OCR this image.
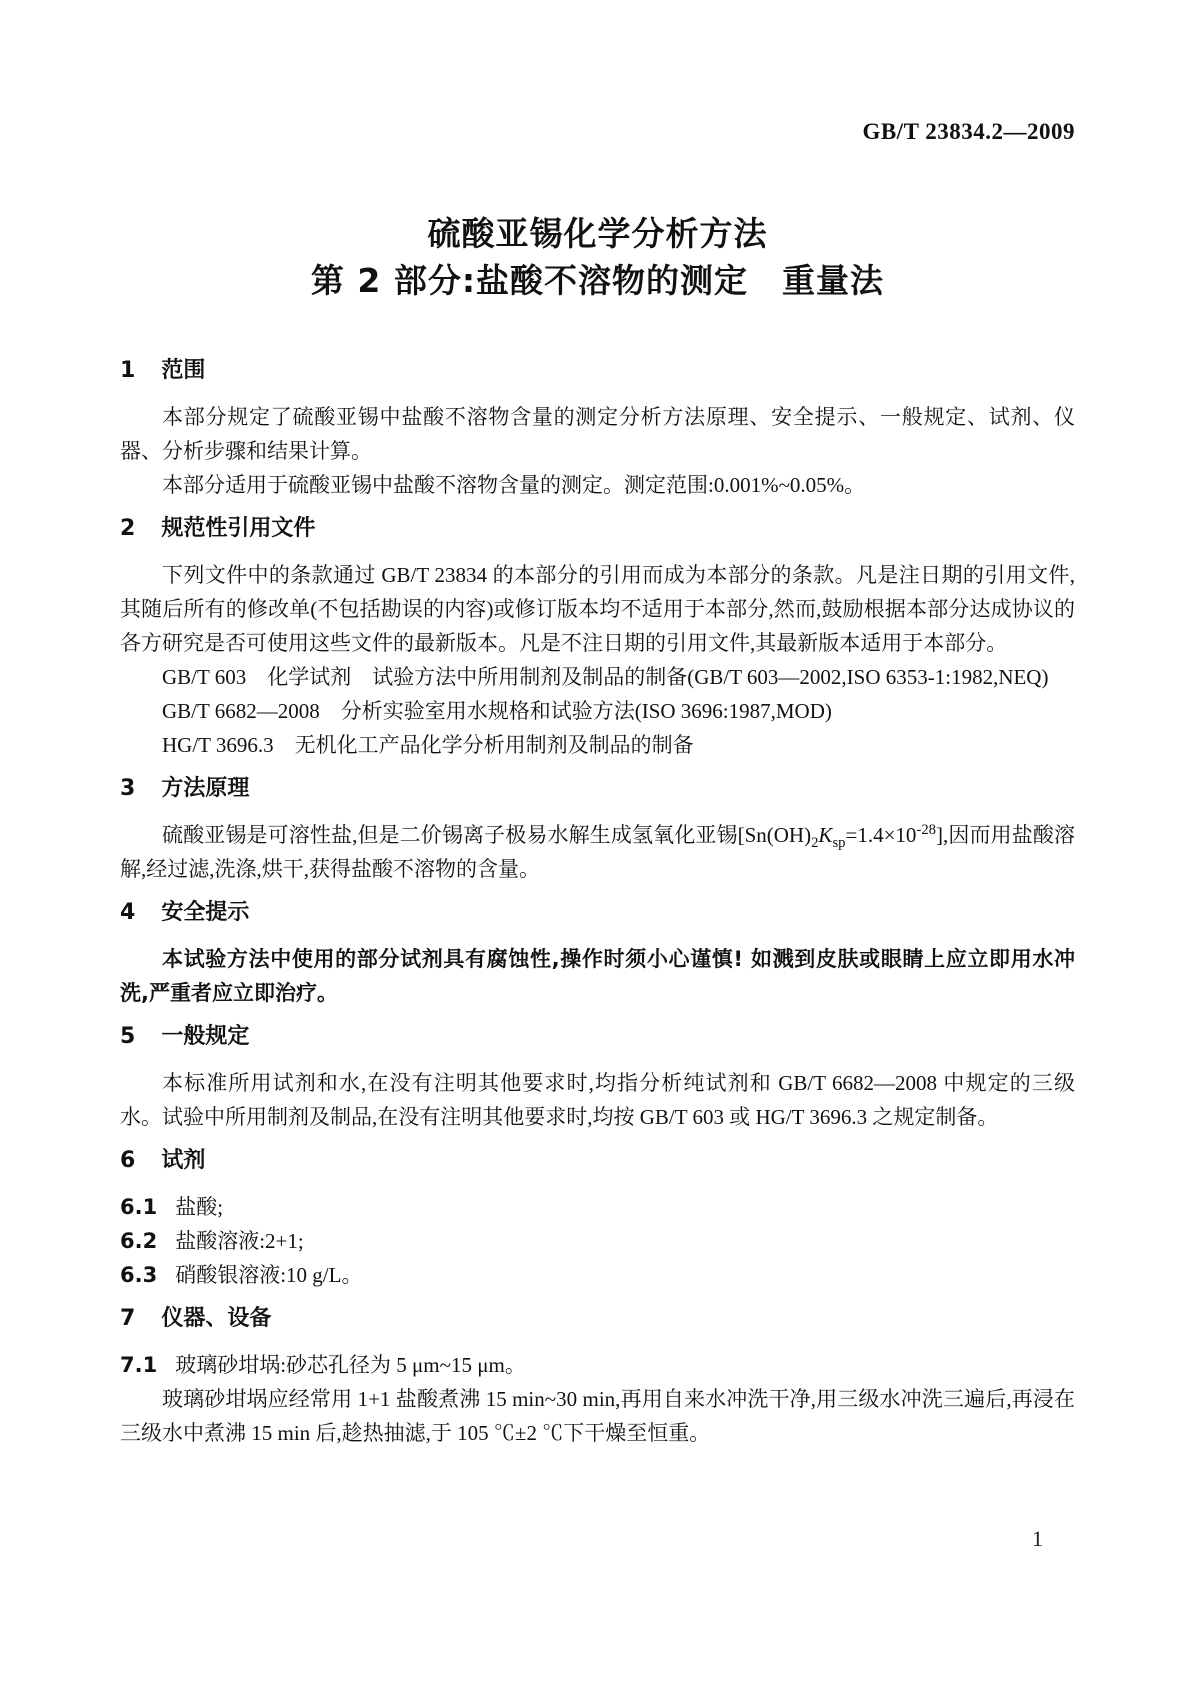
GB/T 23834.2—2009
硫酸亚锡化学分析方法
第 2 部分:盐酸不溶物的测定　重量法
1 范围

本部分规定了硫酸亚锡中盐酸不溶物含量的测定分析方法原理、安全提示、一般规定、试剂、仪器、分析步骤和结果计算。

本部分适用于硫酸亚锡中盐酸不溶物含量的测定。测定范围:0.001%~0.05%。

2 规范性引用文件

下列文件中的条款通过 GB/T 23834 的本部分的引用而成为本部分的条款。凡是注日期的引用文件,其随后所有的修改单(不包括勘误的内容)或修订版本均不适用于本部分,然而,鼓励根据本部分达成协议的各方研究是否可使用这些文件的最新版本。凡是不注日期的引用文件,其最新版本适用于本部分。

GB/T 603　化学试剂　试验方法中所用制剂及制品的制备(GB/T 603—2002,ISO 6353-1:1982,NEQ)

GB/T 6682—2008　分析实验室用水规格和试验方法(ISO 3696:1987,MOD)

HG/T 3696.3　无机化工产品化学分析用制剂及制品的制备

3 方法原理

硫酸亚锡是可溶性盐,但是二价锡离子极易水解生成氢氧化亚锡$[Sn(OH)_2K_{sp}=1.4\times 10^{-28}]$,因而用盐酸溶解,经过滤,洗涤,烘干,获得盐酸不溶物的含量。

4 安全提示

本试验方法中使用的部分试剂具有腐蚀性,操作时须小心谨慎! 如溅到皮肤或眼睛上应立即用水冲洗,严重者应立即治疗。

5 一般规定

本标准所用试剂和水,在没有注明其他要求时,均指分析纯试剂和 GB/T 6682—2008 中规定的三级水。试验中所用制剂及制品,在没有注明其他要求时,均按 GB/T 603 或 HG/T 3696.3 之规定制备。

6 试剂
6.1 盐酸;
6.2 盐酸溶液:2+1;
6.3 硝酸银溶液:10 g/L。
7 仪器、设备
7.1 玻璃砂坩埚:砂芯孔径为 5 μm~15 μm。

玻璃砂坩埚应经常用 1+1 盐酸煮沸 15 min~30 min,再用自来水冲洗干净,用三级水冲洗三遍后,再浸在三级水中煮沸 15 min 后,趁热抽滤,于 105 ℃±2 ℃下干燥至恒重。

1
